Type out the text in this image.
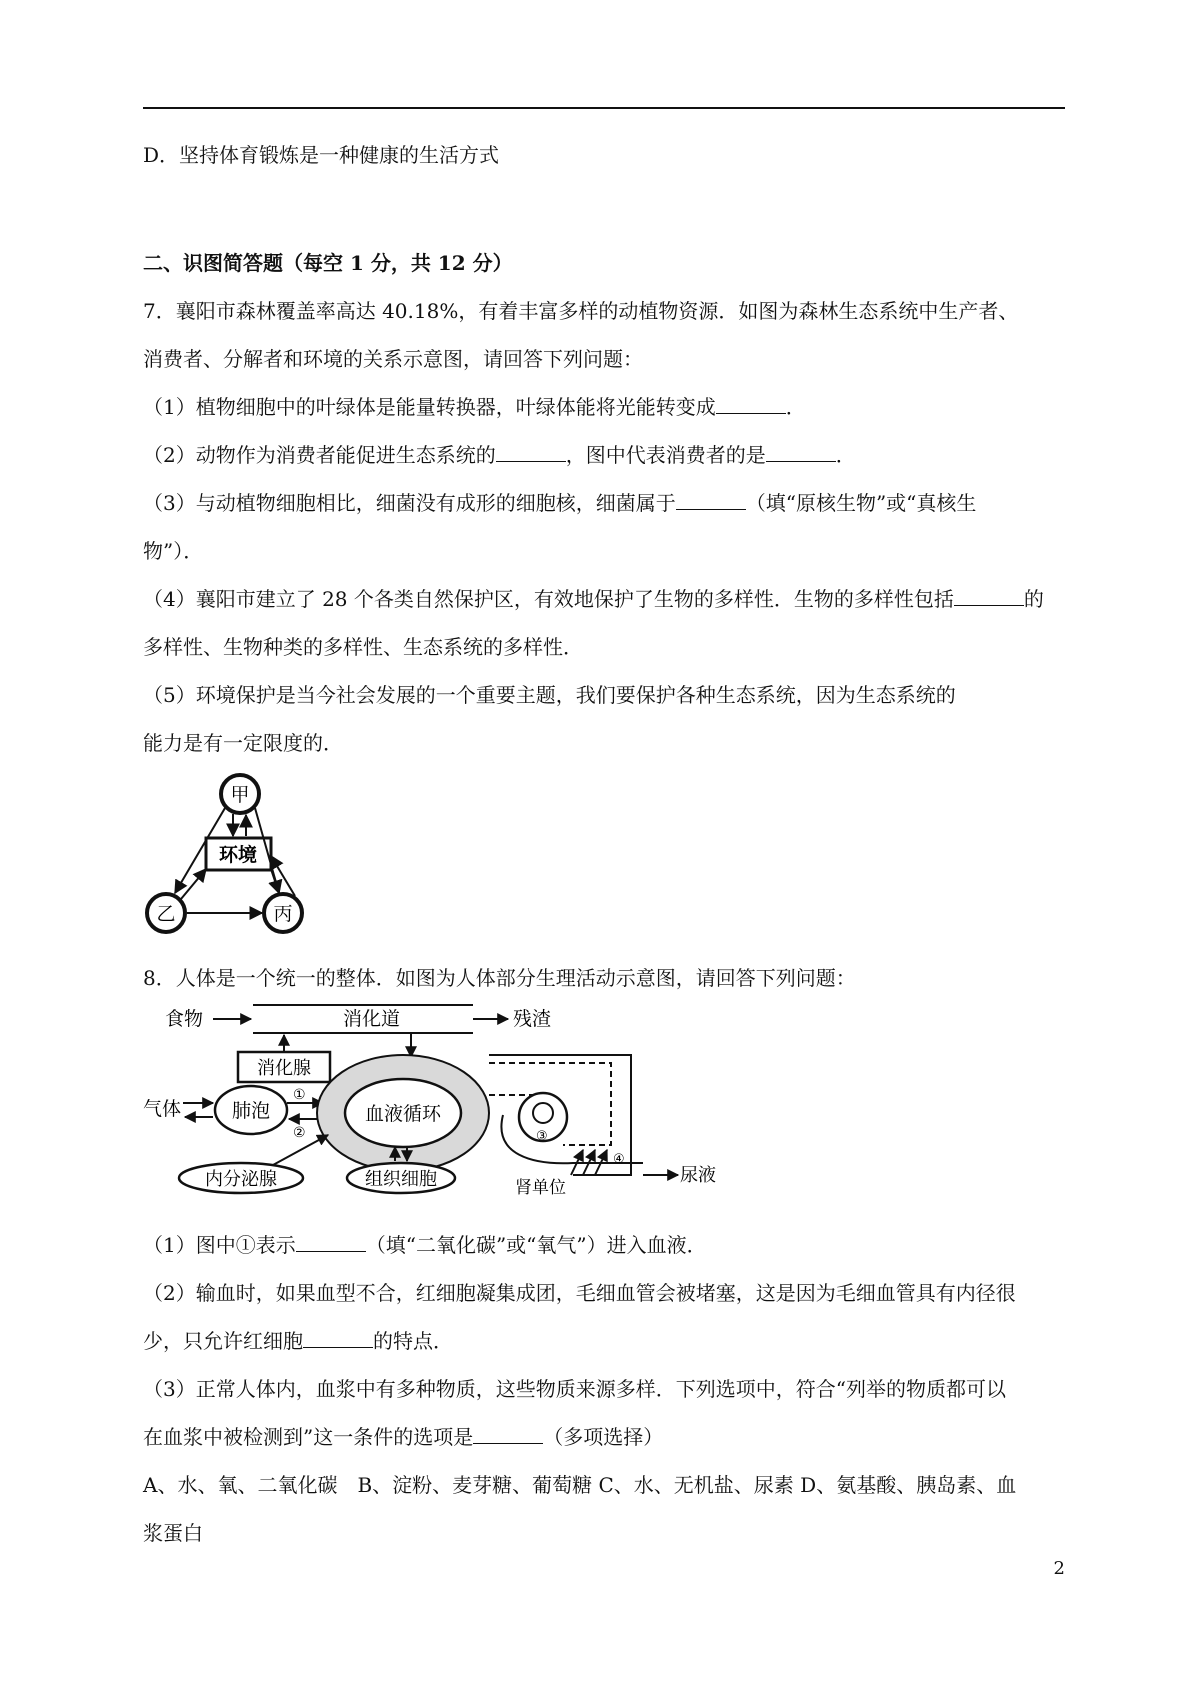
D．坚持体育锻炼是一种健康的生活方式
二、识图简答题（每空 1 分，共 12 分）
7．襄阳市森林覆盖率高达 40.18%，有着丰富多样的动植物资源．如图为森林生态系统中生产者、
消费者、分解者和环境的关系示意图，请回答下列问题：
（1）植物细胞中的叶绿体是能量转换器，叶绿体能将光能转变成	．
（2）动物作为消费者能促进生态系统的	，图中代表消费者的是	．
（3）与动植物细胞相比，细菌没有成形的细胞核，细菌属于	（填“原核生物”或“真核生
物”）．
（4）襄阳市建立了 28 个各类自然保护区，有效地保护了生物的多样性．生物的多样性包括	的
多样性、生物种类的多样性、生态系统的多样性．
（5）环境保护是当今社会发展的一个重要主题，我们要保护各种生态系统，因为生态系统的
能力是有一定限度的．
甲
环境
乙	丙
8．人体是一个统一的整体．如图为人体部分生理活动示意图，请回答下列问题：
食物	消化道	残渣
消化腺
气体	肺泡
①
②
血液循环
内分泌腺	组织细胞
③
④
肾单位
尿液
（1）图中①表示	（填“二氧化碳”或“氧气”）进入血液．
（2）输血时，如果血型不合，红细胞凝集成团，毛细血管会被堵塞，这是因为毛细血管具有内径很
少，只允许红细胞	的特点．
（3）正常人体内，血浆中有多种物质，这些物质来源多样．下列选项中，符合“列举的物质都可以
在血浆中被检测到”这一条件的选项是	（多项选择）
A、水、氧、二氧化碳　B、淀粉、麦芽糖、葡萄糖 C、水、无机盐、尿素 D、氨基酸、胰岛素、血
浆蛋白
2
